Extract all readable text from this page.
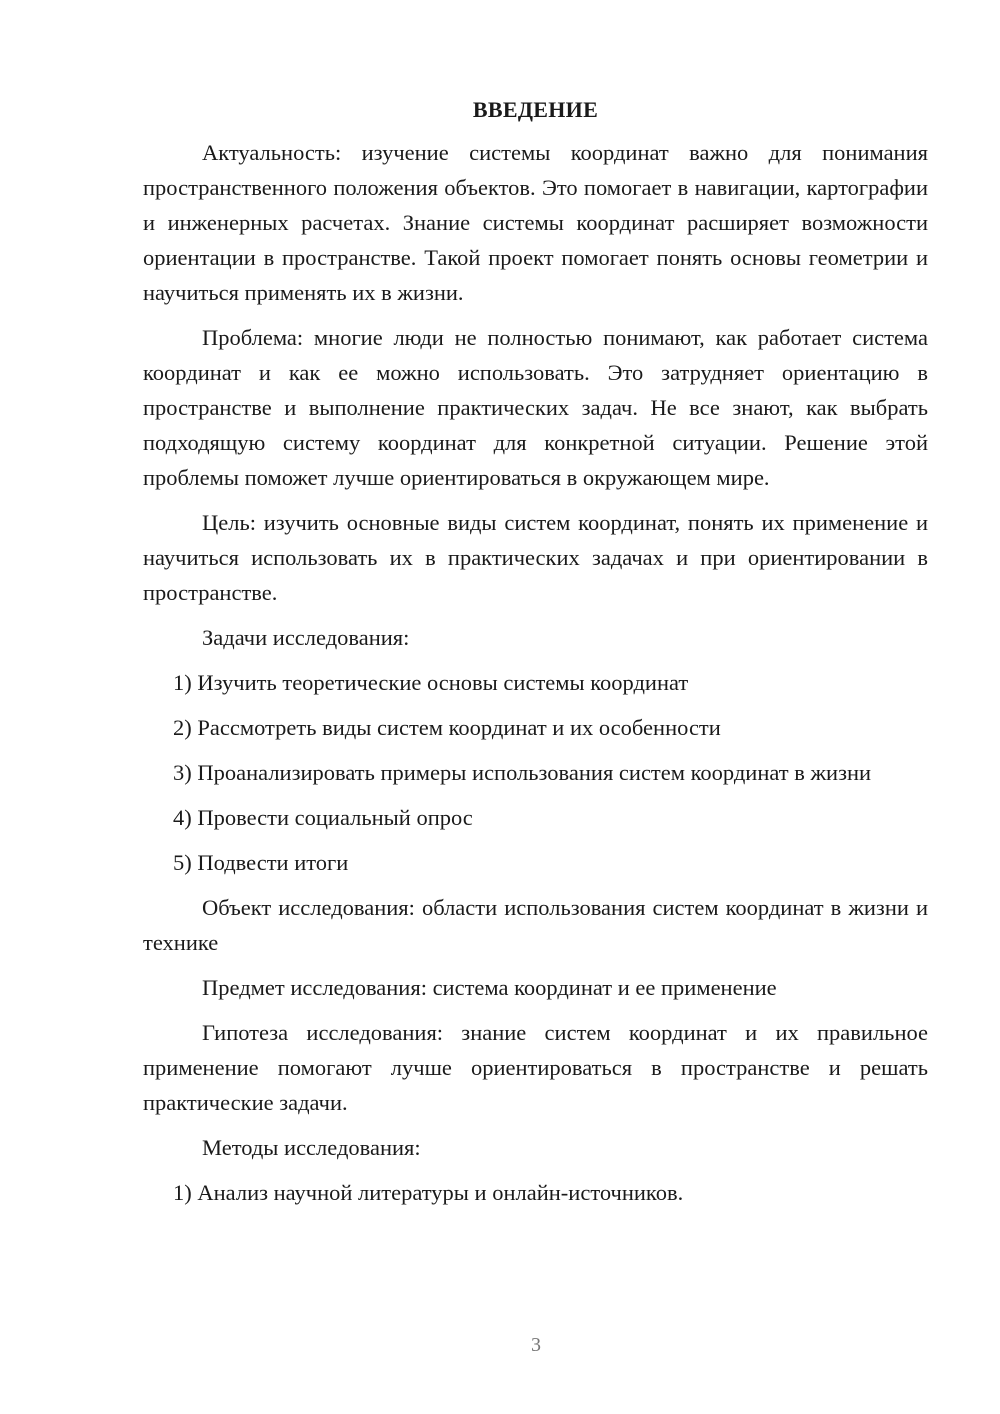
ВВЕДЕНИЕ

Актуальность: изучение системы координат важно для понимания пространственного положения объектов. Это помогает в навигации, картографии и инженерных расчетах. Знание системы координат расширяет возможности ориентации в пространстве. Такой проект помогает понять основы геометрии и научиться применять их в жизни.

Проблема: многие люди не полностью понимают, как работает система координат и как ее можно использовать. Это затрудняет ориентацию в пространстве и выполнение практических задач. Не все знают, как выбрать подходящую систему координат для конкретной ситуации. Решение этой проблемы поможет лучше ориентироваться в окружающем мире.

Цель: изучить основные виды систем координат, понять их применение и научиться использовать их в практических задачах и при ориентировании в пространстве.

Задачи исследования:

1) Изучить теоретические основы системы координат

2) Рассмотреть виды систем координат и их особенности

3) Проанализировать примеры использования систем координат в жизни

4) Провести социальный опрос

5) Подвести итоги

Объект исследования: области использования систем координат в жизни и технике

Предмет исследования: система координат и ее применение

Гипотеза исследования: знание систем координат и их правильное применение помогают лучше ориентироваться в пространстве и решать практические задачи.

Методы исследования:

1) Анализ научной литературы и онлайн-источников.

3
